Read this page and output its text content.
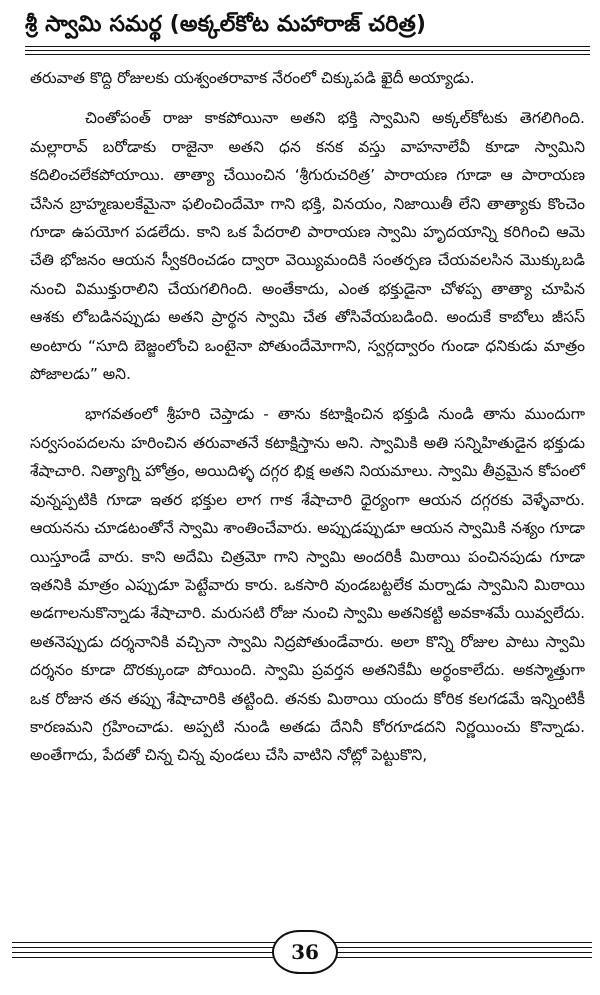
శ్రీ స్వామి సమర్థ (అక్కల్‌కోట మహారాజ్ చరిత్ర)

తరువాత కొద్ది రోజులకు యశ్వంతరావాక నేరంలో చిక్కుపడి ఖైదీ అయ్యాడు.

చింతోపంత్ రాజు కాకపోయినా అతని భక్తి స్వామిని అక్కల్‌కోటకు తెగలిగింది. మల్లారావ్ బరోడాకు రాజైనా అతని ధన కనక వస్తు వాహనాలేవీ కూడా స్వామిని కదిలించలేకపోయాయి. తాత్యా చేయించిన ‘శ్రీగురుచరిత్ర’ పారాయణ గూడా ఆ పారాయణ చేసిన బ్రాహ్మణులకేమైనా ఫలించిందేమో గాని భక్తి, వినయం, నిజాయితీ లేని తాత్యాకు కొంచెం గూడా ఉపయోగ పడలేదు. కాని ఒక పేదరాలి పారాయణ స్వామి హృదయాన్ని కరిగించి ఆమె చేతి భోజనం ఆయన స్వీకరించడం ద్వారా వెయ్యిమందికి సంతర్పణ చేయవలసిన మొక్కుబడి నుంచి విముక్తురాలిని చేయగలిగింది. అంతేకాదు, ఎంత భక్తుడైనా చోళప్ప తాత్యా చూపిన ఆశకు లోబడినప్పుడు అతని ప్రార్థన స్వామి చేత తోసివేయబడింది. అందుకే కాబోలు జీసస్ అంటారు “సూది బెజ్జంలోంచి ఒంటైనా పోతుందేమోగాని, స్వర్గద్వారం గుండా ధనికుడు మాత్రం పోజాలడు” అని.

భాగవతంలో శ్రీహరి చెప్తాడు - తాను కటాక్షించిన భక్తుడి నుండి తాను ముందుగా సర్వసంపదలను హరించిన తరువాతనే కటాక్షిస్తాను అని. స్వామికి అతి సన్నిహితుడైన భక్తుడు శేషాచారి. నిత్యాగ్ని హోత్రం, అయిదిళ్ళ దగ్గర భిక్ష అతని నియమాలు. స్వామి తీవ్రమైన కోపంలో వున్నప్పటికి గూడా ఇతర భక్తుల లాగ గాక శేషాచారి ధైర్యంగా ఆయన దగ్గరకు వెళ్ళేవారు. ఆయనను చూడటంతోనే స్వామి శాంతించేవారు. అప్పుడప్పుడూ ఆయన స్వామికి నశ్యం గూడా యిస్తూండే వారు. కాని అదేమి చిత్రమో గాని స్వామి అందరికీ మిఠాయి పంచినపుడు గూడా ఇతనికి మాత్రం ఎప్పుడూ పెట్టేవారు కారు. ఒకసారి వుండబట్టలేక మర్నాడు స్వామిని మిఠాయి అడగాలనుకొన్నాడు శేషాచారి. మరుసటి రోజు నుంచి స్వామి అతనికట్టి అవకాశమే యివ్వలేదు. అతనెప్పుడు దర్శనానికి వచ్చినా స్వామి నిద్రపోతుండేవారు. అలా కొన్ని రోజుల పాటు స్వామి దర్శనం కూడా దొరక్కుండా పోయింది. స్వామి ప్రవర్తన అతనికేమీ అర్థంకాలేదు. అకస్మాత్తుగా ఒక రోజున తన తప్పు శేషాచారికి తట్టింది. తనకు మిఠాయి యందు కోరిక కలగడమే ఇన్నింటికీ కారణమని గ్రహించాడు. అప్పటి నుండి అతడు దేనినీ కోరగూడదని నిర్ణయించు కొన్నాడు. అంతేగాదు, పేదతో చిన్న చిన్న వుండలు చేసి వాటిని నోట్లో పెట్టుకొని,

36
